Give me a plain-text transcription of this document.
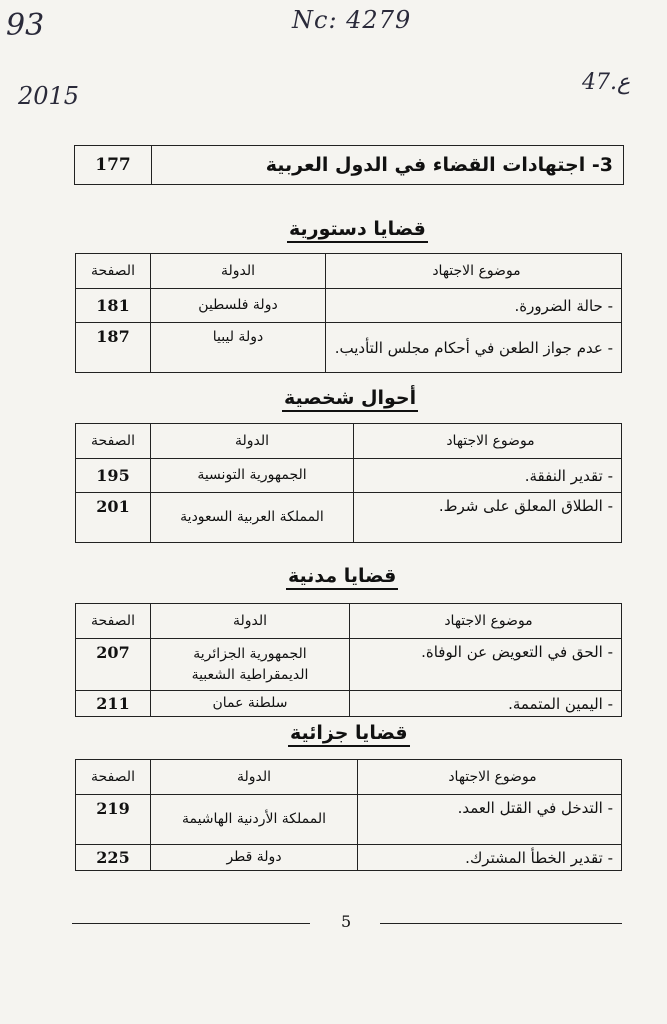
93	Nc: 4279
2015	47.ع
3- اجتهادات القضاء في الدول العربية	177
قضايا دستورية
موضوع الاجتهاد	الدولة	الصفحة
- حالة الضرورة.	دولة فلسطين	181
- عدم جواز الطعن في أحكام مجلس التأديب.	دولة ليبيا	187
أحوال شخصية
موضوع الاجتهاد	الدولة	الصفحة
- تقدير النفقة.	الجمهورية التونسية	195
- الطلاق المعلق على شرط.	المملكة العربية السعودية	201
قضايا مدنية
موضوع الاجتهاد	الدولة	الصفحة
- الحق في التعويض عن الوفاة.	الجمهورية الجزائرية الديمقراطية الشعبية	207
- اليمين المتممة.	سلطنة عمان	211
قضايا جزائية
موضوع الاجتهاد	الدولة	الصفحة
- التدخل في القتل العمد.	المملكة الأردنية الهاشيمة	219
- تقدير الخطأ المشترك.	دولة قطر	225
5
